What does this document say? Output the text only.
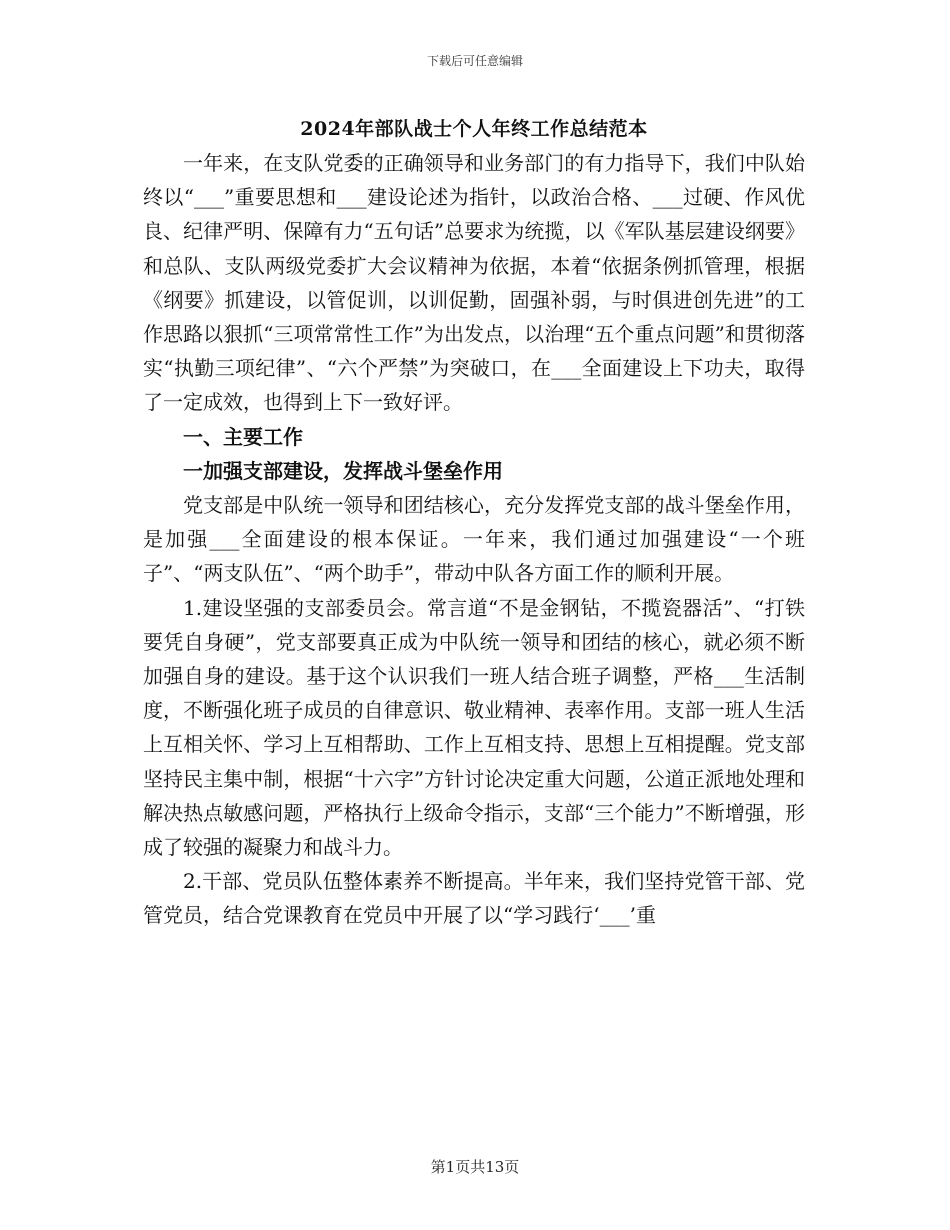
下载后可任意编辑
2024年部队战士个人年终工作总结范本

一年来，在支队党委的正确领导和业务部门的有力指导下，我们中队始终以“___”重要思想和___建设论述为指针，以政治合格、___过硬、作风优良、纪律严明、保障有力“五句话”总要求为统揽，以《军队基层建设纲要》和总队、支队两级党委扩大会议精神为依据，本着“依据条例抓管理，根据《纲要》抓建设，以管促训，以训促勤，固强补弱，与时俱进创先进”的工作思路以狠抓“三项常常性工作”为出发点，以治理“五个重点问题”和贯彻落实“执勤三项纪律”、“六个严禁”为突破口，在___全面建设上下功夫，取得了一定成效，也得到上下一致好评。

一、主要工作

一加强支部建设，发挥战斗堡垒作用

党支部是中队统一领导和团结核心，充分发挥党支部的战斗堡垒作用，是加强___全面建设的根本保证。一年来，我们通过加强建设“一个班子”、“两支队伍”、“两个助手”，带动中队各方面工作的顺利开展。

1.建设坚强的支部委员会。常言道“不是金钢钻，不揽瓷器活”、“打铁要凭自身硬”，党支部要真正成为中队统一领导和团结的核心，就必须不断加强自身的建设。基于这个认识我们一班人结合班子调整，严格___生活制度，不断强化班子成员的自律意识、敬业精神、表率作用。支部一班人生活上互相关怀、学习上互相帮助、工作上互相支持、思想上互相提醒。党支部坚持民主集中制，根据“十六字”方针讨论决定重大问题，公道正派地处理和解决热点敏感问题，严格执行上级命令指示，支部“三个能力”不断增强，形成了较强的凝聚力和战斗力。

2.干部、党员队伍整体素养不断提高。半年来，我们坚持党管干部、党管党员，结合党课教育在党员中开展了以“学习践行‘___’重

第1页共13页
